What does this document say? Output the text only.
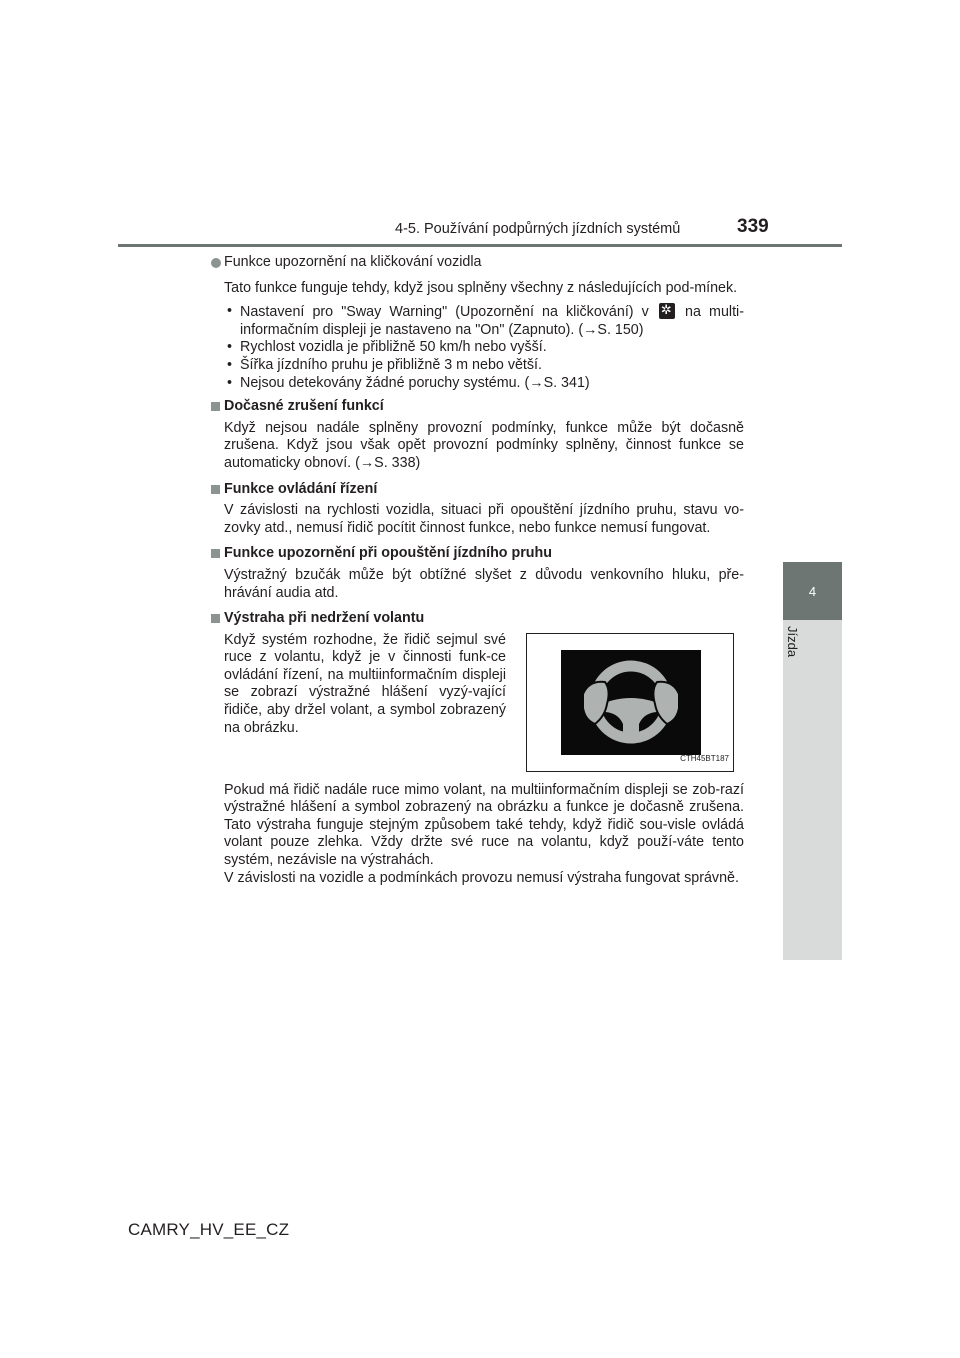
4-5. Používání podpůrných jízdních systémů	339
4
Jízda
Funkce upozornění na kličkování vozidla

Tato funkce funguje tehdy, když jsou splněny všechny z následujících pod-mínek.

• Nastavení pro "Sway Warning" (Upozornění na kličkování) v ✲	na multi-informačním displeji je nastaveno na "On" (Zapnuto). (→S. 150)
• Rychlost vozidla je přibližně 50 km/h nebo vyšší.
• Šířka jízdního pruhu je přibližně 3 m nebo větší.
• Nejsou detekovány žádné poruchy systému. (→S. 341)
Dočasné zrušení funkcí

Když nejsou nadále splněny provozní podmínky, funkce může být dočasně zrušena. Když jsou však opět provozní podmínky splněny, činnost funkce se automaticky obnoví. (→S. 338)

Funkce ovládání řízení

V závislosti na rychlosti vozidla, situaci při opouštění jízdního pruhu, stavu vo-zovky atd., nemusí řidič pocítit činnost funkce, nebo funkce nemusí fungovat.

Funkce upozornění při opouštění jízdního pruhu

Výstražný bzučák může být obtížné slyšet z důvodu venkovního hluku, pře-hrávání audia atd.

Výstraha při nedržení volantu

Když systém rozhodne, že řidič sejmul své ruce z volantu, když je v činnosti funk-ce ovládání řízení, na multiinformačním displeji se zobrazí výstražné hlášení vyzý-vající řidiče, aby držel volant, a symbol zobrazený na obrázku.

CTH45BT187

Pokud má řidič nadále ruce mimo volant, na multiinformačním displeji se zob-razí výstražné hlášení a symbol zobrazený na obrázku a funkce je dočasně zrušena. Tato výstraha funguje stejným způsobem také tehdy, když řidič sou-visle ovládá volant pouze zlehka. Vždy držte své ruce na volantu, když použí-váte tento systém, nezávisle na výstrahách.

V závislosti na vozidle a podmínkách provozu nemusí výstraha fungovat správně.

CAMRY_HV_EE_CZ
